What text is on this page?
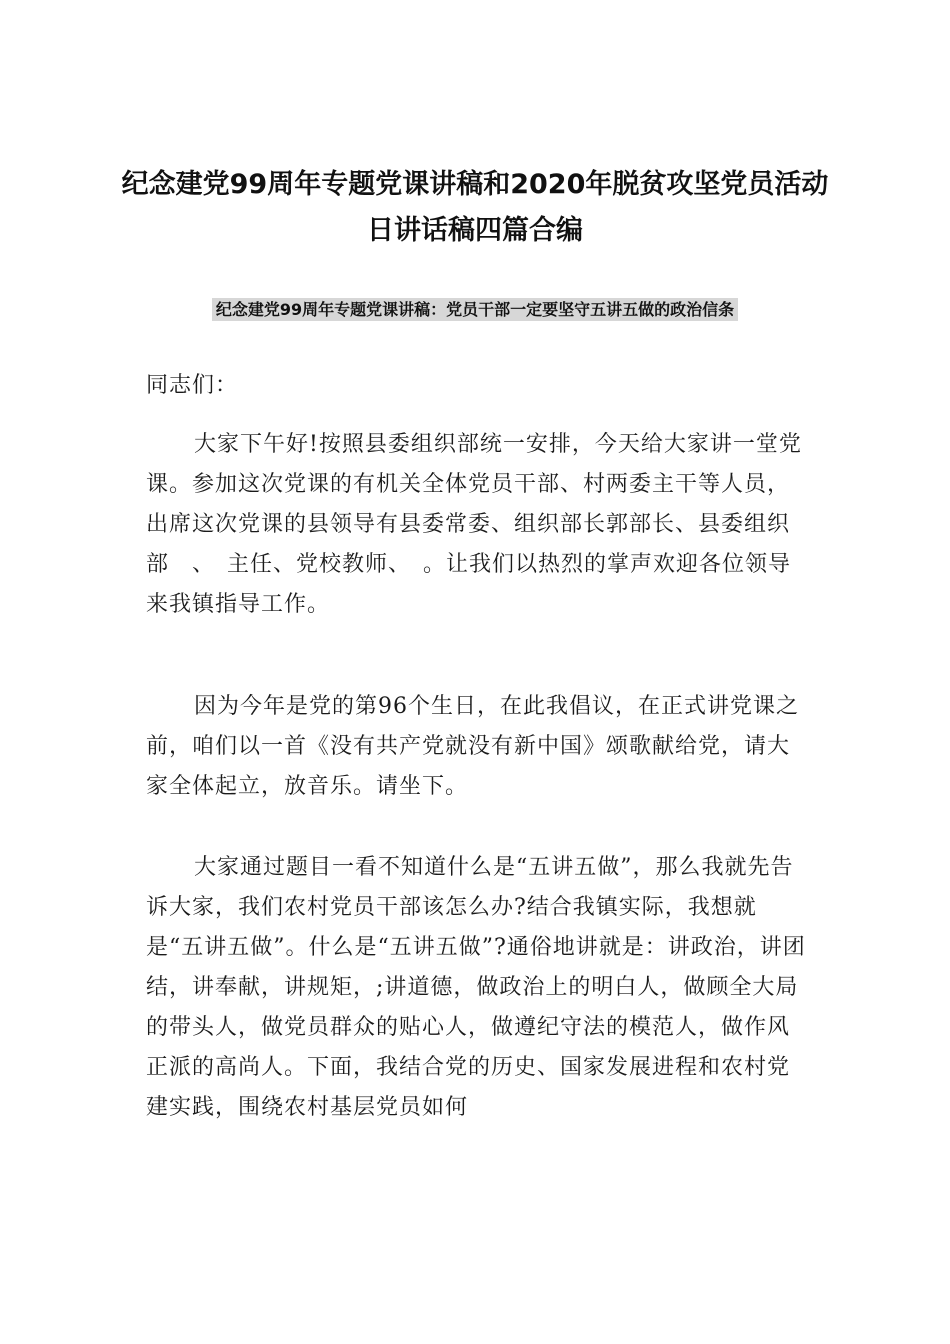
纪念建党99周年专题党课讲稿和2020年脱贫攻坚党员活动日讲话稿四篇合编
纪念建党99周年专题党课讲稿：党员干部一定要坚守五讲五做的政治信条

同志们：

大家下午好!按照县委组织部统一安排，今天给大家讲一堂党课。参加这次党课的有机关全体党员干部、村两委主干等人员，出席这次党课的县领导有县委常委、组织部长郭部长、县委组织部　、　主任、党校教师、　。让我们以热烈的掌声欢迎各位领导来我镇指导工作。

因为今年是党的第96个生日，在此我倡议，在正式讲党课之前，咱们以一首《没有共产党就没有新中国》颂歌献给党，请大家全体起立，放音乐。请坐下。

大家通过题目一看不知道什么是“五讲五做”，那么我就先告诉大家，我们农村党员干部该怎么办?结合我镇实际，我想就是“五讲五做”。什么是“五讲五做”?通俗地讲就是：讲政治，讲团结，讲奉献，讲规矩，;讲道德，做政治上的明白人，做顾全大局的带头人，做党员群众的贴心人，做遵纪守法的模范人，做作风正派的高尚人。下面，我结合党的历史、国家发展进程和农村党建实践，围绕农村基层党员如何
